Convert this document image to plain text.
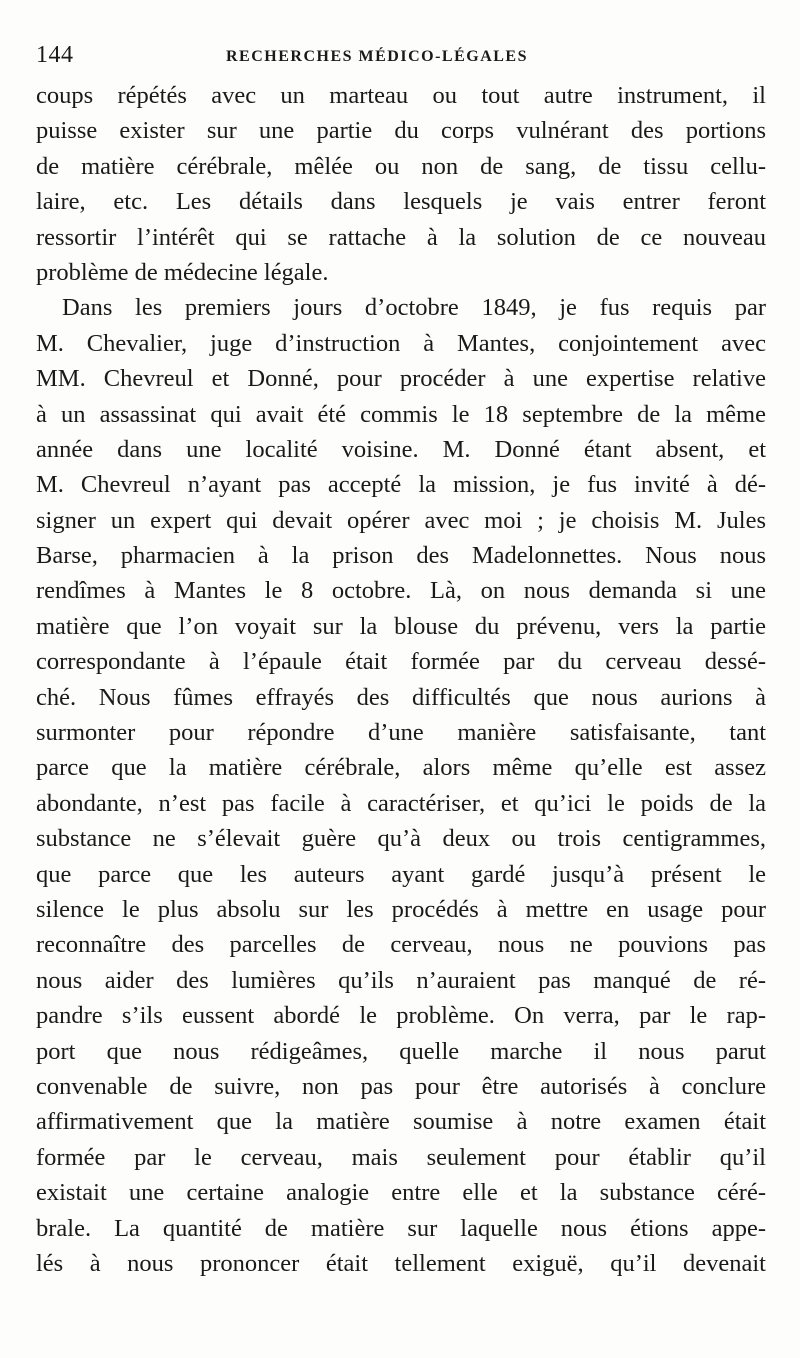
144	RECHERCHES MÉDICO-LÉGALES
coups répétés avec un marteau ou tout autre instrument, il
puisse exister sur une partie du corps vulnérant des portions
de matière cérébrale, mêlée ou non de sang, de tissu cellu-
laire, etc. Les détails dans lesquels je vais entrer feront
ressortir l’intérêt qui se rattache à la solution de ce nouveau
problème de médecine légale.
Dans les premiers jours d’octobre 1849, je fus requis par
M. Chevalier, juge d’instruction à Mantes, conjointement avec
MM. Chevreul et Donné, pour procéder à une expertise relative
à un assassinat qui avait été commis le 18 septembre de la même
année dans une localité voisine. M. Donné étant absent, et
M. Chevreul n’ayant pas accepté la mission, je fus invité à dé-
signer un expert qui devait opérer avec moi ; je choisis M. Jules
Barse, pharmacien à la prison des Madelonnettes. Nous nous
rendîmes à Mantes le 8 octobre. Là, on nous demanda si une
matière que l’on voyait sur la blouse du prévenu, vers la partie
correspondante à l’épaule était formée par du cerveau dessé-
ché. Nous fûmes effrayés des difficultés que nous aurions à
surmonter pour répondre d’une manière satisfaisante, tant
parce que la matière cérébrale, alors même qu’elle est assez
abondante, n’est pas facile à caractériser, et qu’ici le poids de la
substance ne s’élevait guère qu’à deux ou trois centigrammes,
que parce que les auteurs ayant gardé jusqu’à présent le
silence le plus absolu sur les procédés à mettre en usage pour
reconnaître des parcelles de cerveau, nous ne pouvions pas
nous aider des lumières qu’ils n’auraient pas manqué de ré-
pandre s’ils eussent abordé le problème. On verra, par le rap-
port que nous rédigeâmes, quelle marche il nous parut
convenable de suivre, non pas pour être autorisés à conclure
affirmativement que la matière soumise à notre examen était
formée par le cerveau, mais seulement pour établir qu’il
existait une certaine analogie entre elle et la substance céré-
brale. La quantité de matière sur laquelle nous étions appe-
lés à nous prononcer était tellement exiguë, qu’il devenait
